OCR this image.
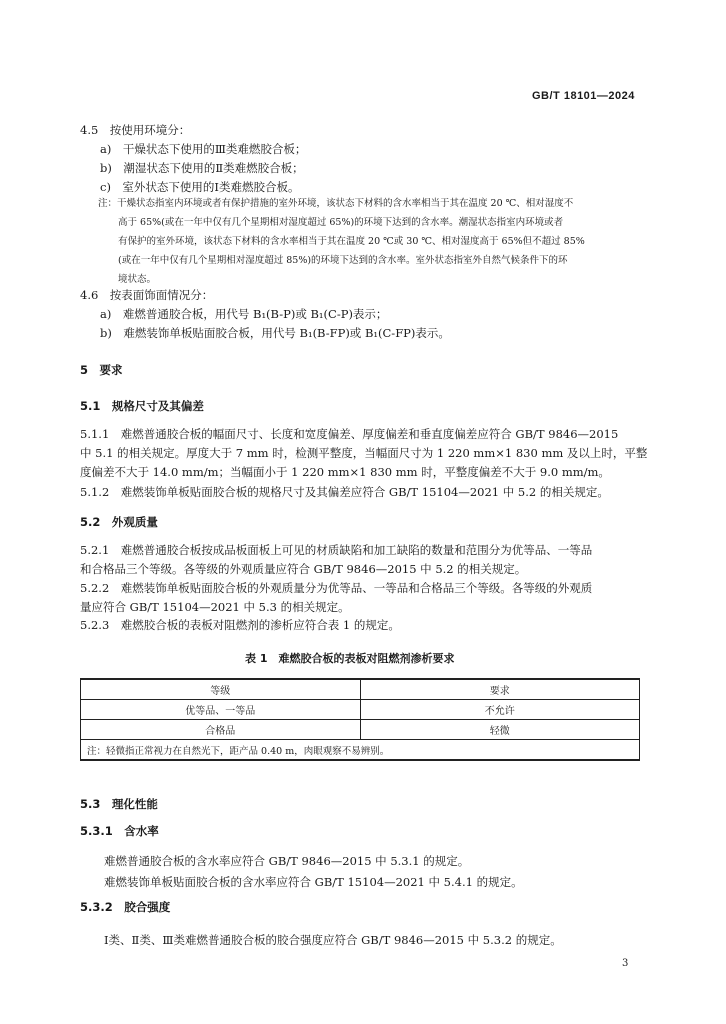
GB/T 18101—2024
4.5　按使用环境分：
a)　干燥状态下使用的Ⅲ类难燃胶合板；
b)　潮湿状态下使用的Ⅱ类难燃胶合板；
c)　室外状态下使用的Ⅰ类难燃胶合板。
注：干燥状态指室内环境或者有保护措施的室外环境，该状态下材料的含水率相当于其在温度 20 ℃、相对湿度不
高于 65%(或在一年中仅有几个星期相对湿度超过 65%)的环境下达到的含水率。潮湿状态指室内环境或者
有保护的室外环境，该状态下材料的含水率相当于其在温度 20 ℃或 30 ℃、相对湿度高于 65%但不超过 85%
(或在一年中仅有几个星期相对湿度超过 85%)的环境下达到的含水率。室外状态指室外自然气候条件下的环
境状态。
4.6　按表面饰面情况分：
a)　难燃普通胶合板，用代号 B₁(B-P)或 B₁(C-P)表示；
b)　难燃装饰单板贴面胶合板，用代号 B₁(B-FP)或 B₁(C-FP)表示。
5　要求
5.1　规格尺寸及其偏差
5.1.1　难燃普通胶合板的幅面尺寸、长度和宽度偏差、厚度偏差和垂直度偏差应符合 GB/T 9846—2015
中 5.1 的相关规定。厚度大于 7 mm 时，检测平整度，当幅面尺寸为 1 220 mm×1 830 mm 及以上时，平整
度偏差不大于 14.0 mm/m；当幅面小于 1 220 mm×1 830 mm 时，平整度偏差不大于 9.0 mm/m。
5.1.2　难燃装饰单板贴面胶合板的规格尺寸及其偏差应符合 GB/T 15104—2021 中 5.2 的相关规定。
5.2　外观质量
5.2.1　难燃普通胶合板按成品板面板上可见的材质缺陷和加工缺陷的数量和范围分为优等品、一等品
和合格品三个等级。各等级的外观质量应符合 GB/T 9846—2015 中 5.2 的相关规定。
5.2.2　难燃装饰单板贴面胶合板的外观质量分为优等品、一等品和合格品三个等级。各等级的外观质
量应符合 GB/T 15104—2021 中 5.3 的相关规定。
5.2.3　难燃胶合板的表板对阻燃剂的渗析应符合表 1 的规定。
表 1　难燃胶合板的表板对阻燃剂渗析要求
等级	要求
优等品、一等品	不允许
合格品	轻微
注：轻微指正常视力在自然光下，距产品 0.40 m，肉眼观察不易辨别。	
5.3　理化性能
5.3.1　含水率
难燃普通胶合板的含水率应符合 GB/T 9846—2015 中 5.3.1 的规定。
难燃装饰单板贴面胶合板的含水率应符合 GB/T 15104—2021 中 5.4.1 的规定。
5.3.2　胶合强度
Ⅰ类、Ⅱ类、Ⅲ类难燃普通胶合板的胶合强度应符合 GB/T 9846—2015 中 5.3.2 的规定。
3
